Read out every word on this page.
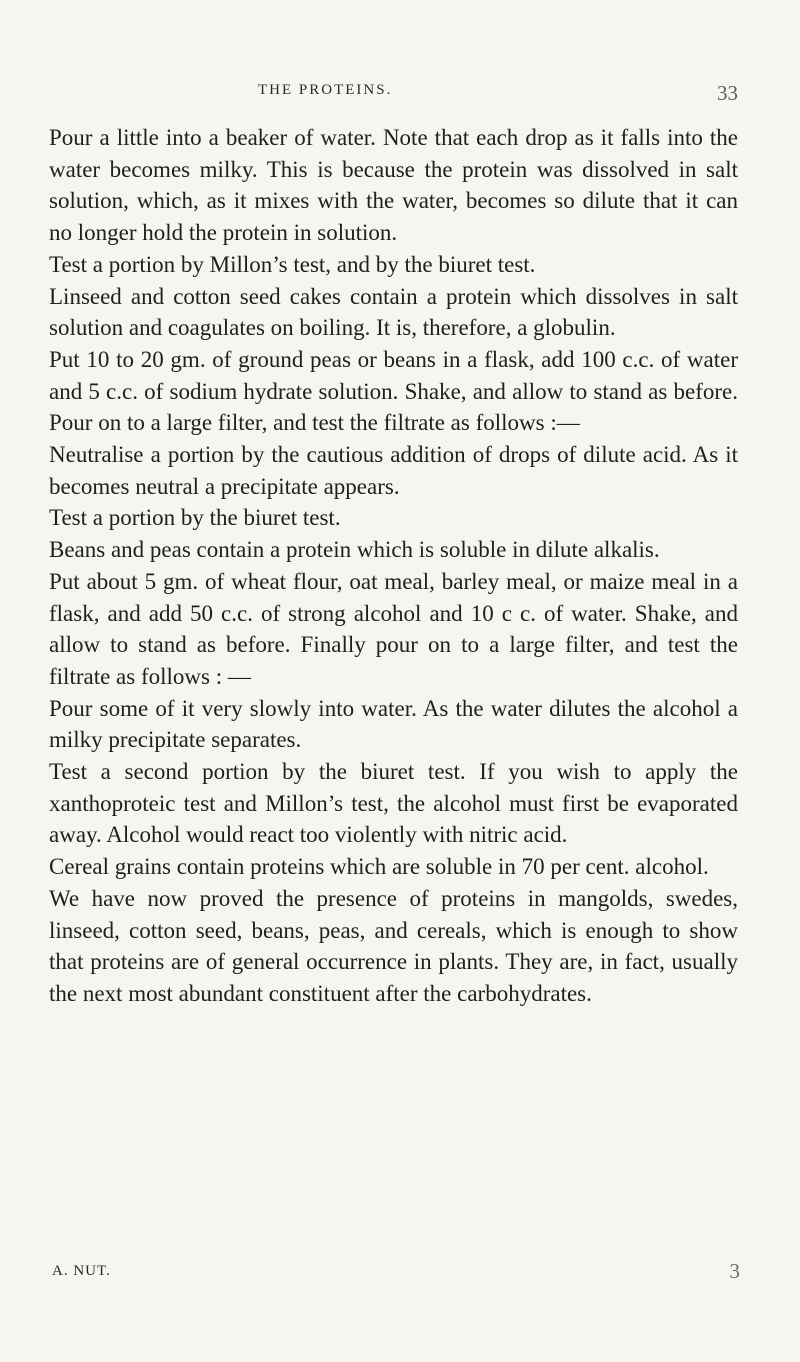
THE PROTEINS.	33

Pour a little into a beaker of water. Note that each drop as it falls into the water becomes milky. This is because the protein was dissolved in salt solution, which, as it mixes with the water, becomes so dilute that it can no longer hold the protein in solution.

Test a portion by Millon’s test, and by the biuret test.

Linseed and cotton seed cakes contain a protein which dissolves in salt solution and coagulates on boiling. It is, therefore, a globulin.

Put 10 to 20 gm. of ground peas or beans in a flask, add 100 c.c. of water and 5 c.c. of sodium hydrate solution. Shake, and allow to stand as before. Pour on to a large filter, and test the filtrate as follows :—

Neutralise a portion by the cautious addition of drops of dilute acid. As it becomes neutral a precipitate appears.

Test a portion by the biuret test.

Beans and peas contain a protein which is soluble in dilute alkalis.

Put about 5 gm. of wheat flour, oat meal, barley meal, or maize meal in a flask, and add 50 c.c. of strong alcohol and 10 c c. of water. Shake, and allow to stand as before. Finally pour on to a large filter, and test the filtrate as follows : —

Pour some of it very slowly into water. As the water dilutes the alcohol a milky precipitate separates.

Test a second portion by the biuret test. If you wish to apply the xanthoproteic test and Millon’s test, the alcohol must first be evaporated away. Alcohol would react too violently with nitric acid.

Cereal grains contain proteins which are soluble in 70 per cent. alcohol.

We have now proved the presence of proteins in mangolds, swedes, linseed, cotton seed, beans, peas, and cereals, which is enough to show that proteins are of general occurrence in plants. They are, in fact, usually the next most abundant constituent after the carbohydrates.

A. NUT.	3
